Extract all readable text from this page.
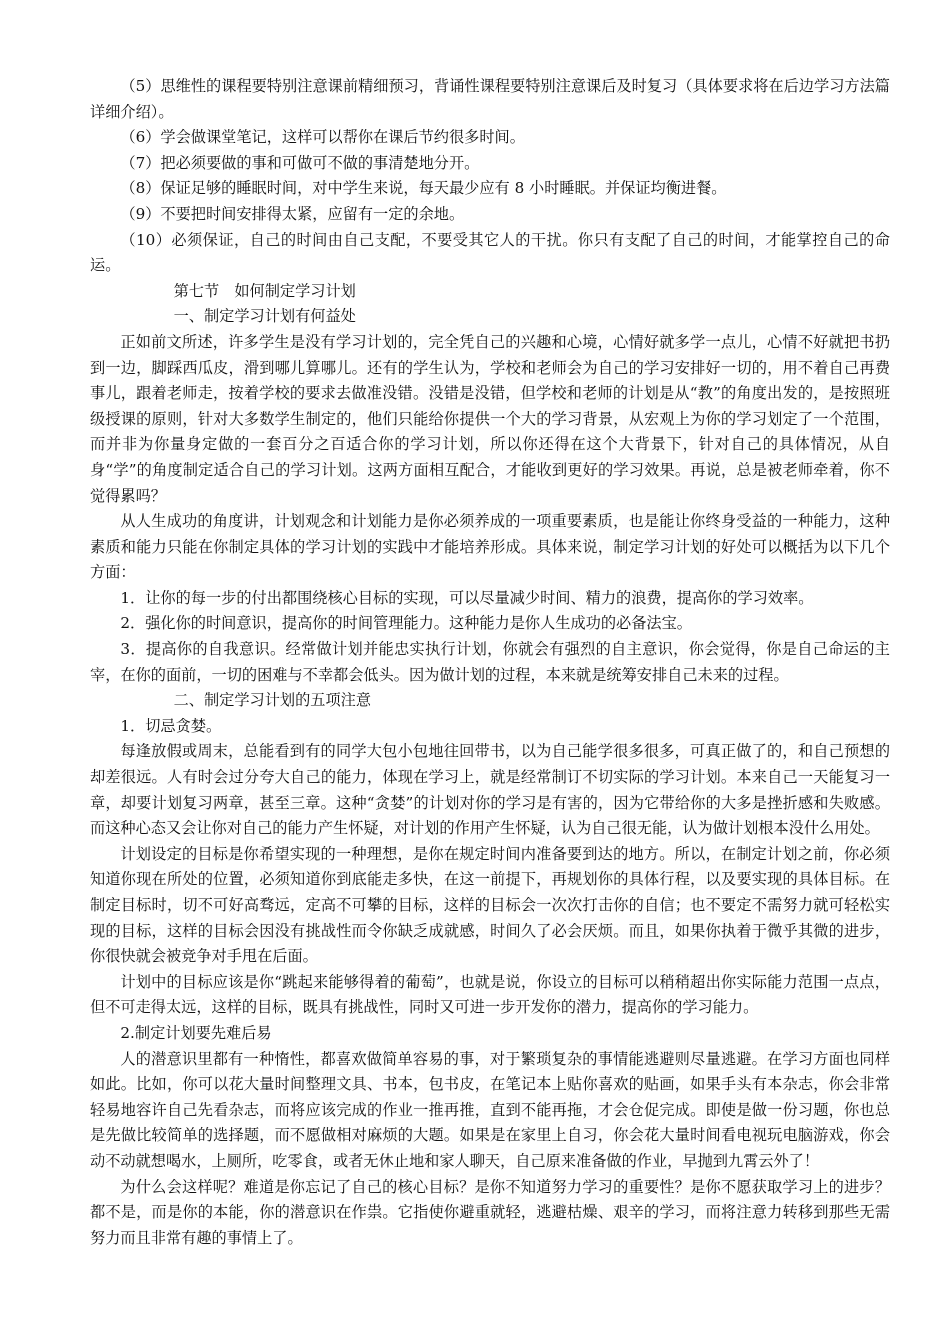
（5）思维性的课程要特别注意课前精细预习，背诵性课程要特别注意课后及时复习（具体要求将在后边学习方法篇详细介绍）。

（6）学会做课堂笔记，这样可以帮你在课后节约很多时间。

（7）把必须要做的事和可做可不做的事清楚地分开。

（8）保证足够的睡眠时间，对中学生来说，每天最少应有 8 小时睡眠。并保证均衡进餐。

（9）不要把时间安排得太紧，应留有一定的余地。

（10）必须保证，自己的时间由自己支配，不要受其它人的干扰。你只有支配了自己的时间，才能掌控自己的命运。

第七节　如何制定学习计划

一、制定学习计划有何益处

正如前文所述，许多学生是没有学习计划的，完全凭自己的兴趣和心境，心情好就多学一点儿，心情不好就把书扔到一边，脚踩西瓜皮，滑到哪儿算哪儿。还有的学生认为，学校和老师会为自己的学习安排好一切的，用不着自己再费事儿，跟着老师走，按着学校的要求去做准没错。没错是没错，但学校和老师的计划是从“教”的角度出发的，是按照班级授课的原则，针对大多数学生制定的，他们只能给你提供一个大的学习背景，从宏观上为你的学习划定了一个范围，而并非为你量身定做的一套百分之百适合你的学习计划，所以你还得在这个大背景下，针对自己的具体情况，从自身“学”的角度制定适合自己的学习计划。这两方面相互配合，才能收到更好的学习效果。再说，总是被老师牵着，你不觉得累吗？

从人生成功的角度讲，计划观念和计划能力是你必须养成的一项重要素质，也是能让你终身受益的一种能力，这种素质和能力只能在你制定具体的学习计划的实践中才能培养形成。具体来说，制定学习计划的好处可以概括为以下几个方面：

1．让你的每一步的付出都围绕核心目标的实现，可以尽量减少时间、精力的浪费，提高你的学习效率。

2．强化你的时间意识，提高你的时间管理能力。这种能力是你人生成功的必备法宝。

3．提高你的自我意识。经常做计划并能忠实执行计划，你就会有强烈的自主意识，你会觉得，你是自己命运的主宰，在你的面前，一切的困难与不幸都会低头。因为做计划的过程，本来就是统筹安排自己未来的过程。

二、制定学习计划的五项注意

1．切忌贪婪。

每逢放假或周末，总能看到有的同学大包小包地往回带书，以为自己能学很多很多，可真正做了的，和自己预想的却差很远。人有时会过分夸大自己的能力，体现在学习上，就是经常制订不切实际的学习计划。本来自己一天能复习一章，却要计划复习两章，甚至三章。这种“贪婪”的计划对你的学习是有害的，因为它带给你的大多是挫折感和失败感。而这种心态又会让你对自己的能力产生怀疑，对计划的作用产生怀疑，认为自己很无能，认为做计划根本没什么用处。

计划设定的目标是你希望实现的一种理想，是你在规定时间内准备要到达的地方。所以，在制定计划之前，你必须知道你现在所处的位置，必须知道你到底能走多快，在这一前提下，再规划你的具体行程，以及要实现的具体目标。在制定目标时，切不可好高骛远，定高不可攀的目标，这样的目标会一次次打击你的自信；也不要定不需努力就可轻松实现的目标，这样的目标会因没有挑战性而令你缺乏成就感，时间久了必会厌烦。而且，如果你执着于微乎其微的进步，你很快就会被竞争对手甩在后面。

计划中的目标应该是你“跳起来能够得着的葡萄”，也就是说，你设立的目标可以稍稍超出你实际能力范围一点点，但不可走得太远，这样的目标，既具有挑战性，同时又可进一步开发你的潜力，提高你的学习能力。

2.制定计划要先难后易

人的潜意识里都有一种惰性，都喜欢做简单容易的事，对于繁琐复杂的事情能逃避则尽量逃避。在学习方面也同样如此。比如，你可以花大量时间整理文具、书本，包书皮，在笔记本上贴你喜欢的贴画，如果手头有本杂志，你会非常轻易地容许自己先看杂志，而将应该完成的作业一推再推，直到不能再拖，才会仓促完成。即使是做一份习题，你也总是先做比较简单的选择题，而不愿做相对麻烦的大题。如果是在家里上自习，你会花大量时间看电视玩电脑游戏，你会动不动就想喝水，上厕所，吃零食，或者无休止地和家人聊天，自己原来准备做的作业，早抛到九霄云外了！

为什么会这样呢？难道是你忘记了自己的核心目标？是你不知道努力学习的重要性？是你不愿获取学习上的进步？都不是，而是你的本能，你的潜意识在作祟。它指使你避重就轻，逃避枯燥、艰辛的学习，而将注意力转移到那些无需努力而且非常有趣的事情上了。
